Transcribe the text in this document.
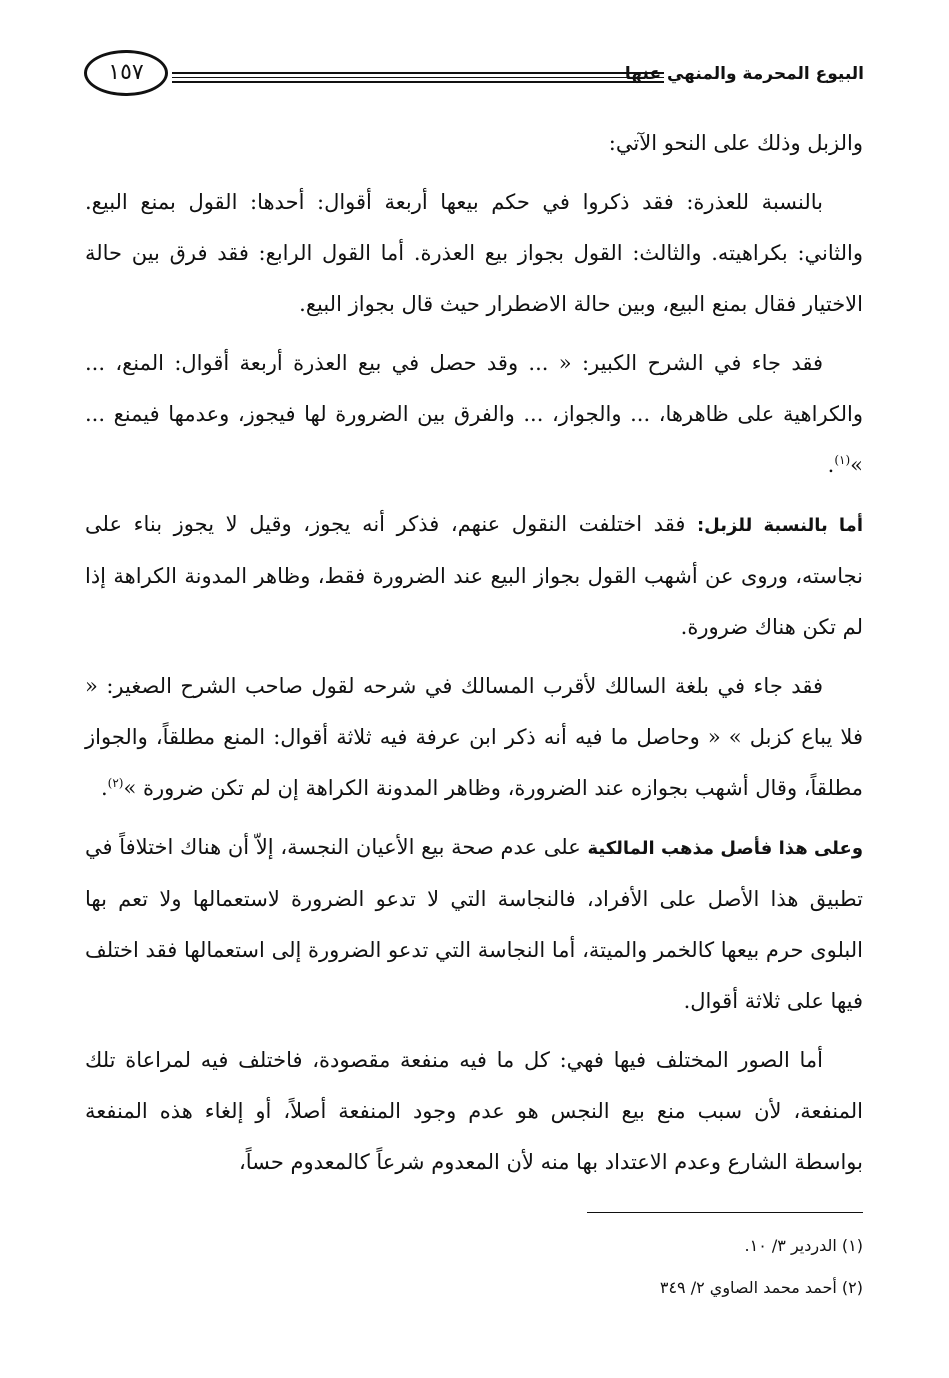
١٥٧	البيوع المحرمة والمنهي عنها

والزبل وذلك على النحو الآتي:

بالنسبة للعذرة: فقد ذكروا في حكم بيعها أربعة أقوال: أحدها: القول بمنع البيع. والثاني: بكراهيته. والثالث: القول بجواز بيع العذرة. أما القول الرابع: فقد فرق بين حالة الاختيار فقال بمنع البيع، وبين حالة الاضطرار حيث قال بجواز البيع.

فقد جاء في الشرح الكبير: « ... وقد حصل في بيع العذرة أربعة أقوال: المنع، ... والكراهية على ظاهرها، ... والجواز، ... والفرق بين الضرورة لها فيجوز، وعدمها فيمنع ... »$^{(١)}$.

أما بالنسبة للزبل: فقد اختلفت النقول عنهم، فذكر أنه يجوز، وقيل لا يجوز بناء على نجاسته، وروى عن أشهب القول بجواز البيع عند الضرورة فقط، وظاهر المدونة الكراهة إذا لم تكن هناك ضرورة.

فقد جاء في بلغة السالك لأقرب المسالك في شرحه لقول صاحب الشرح الصغير: « فلا يباع كزبل » « وحاصل ما فيه أنه ذكر ابن عرفة فيه ثلاثة أقوال: المنع مطلقاً، والجواز مطلقاً، وقال أشهب بجوازه عند الضرورة، وظاهر المدونة الكراهة إن لم تكن ضرورة »$^{(٢)}$.

وعلى هذا فأصل مذهب المالكية على عدم صحة بيع الأعيان النجسة، إلاّ أن هناك اختلافاً في تطبيق هذا الأصل على الأفراد، فالنجاسة التي لا تدعو الضرورة لاستعمالها ولا تعم بها البلوى حرم بيعها كالخمر والميتة، أما النجاسة التي تدعو الضرورة إلى استعمالها فقد اختلف فيها على ثلاثة أقوال.

أما الصور المختلف فيها فهي: كل ما فيه منفعة مقصودة، فاختلف فيه لمراعاة تلك المنفعة، لأن سبب منع بيع النجس هو عدم وجود المنفعة أصلاً، أو إلغاء هذه المنفعة بواسطة الشارع وعدم الاعتداد بها منه لأن المعدوم شرعاً كالمعدوم حساً،

(١) الدردير ٣/ ١٠.

(٢) أحمد محمد الصاوي ٢/ ٣٤٩
